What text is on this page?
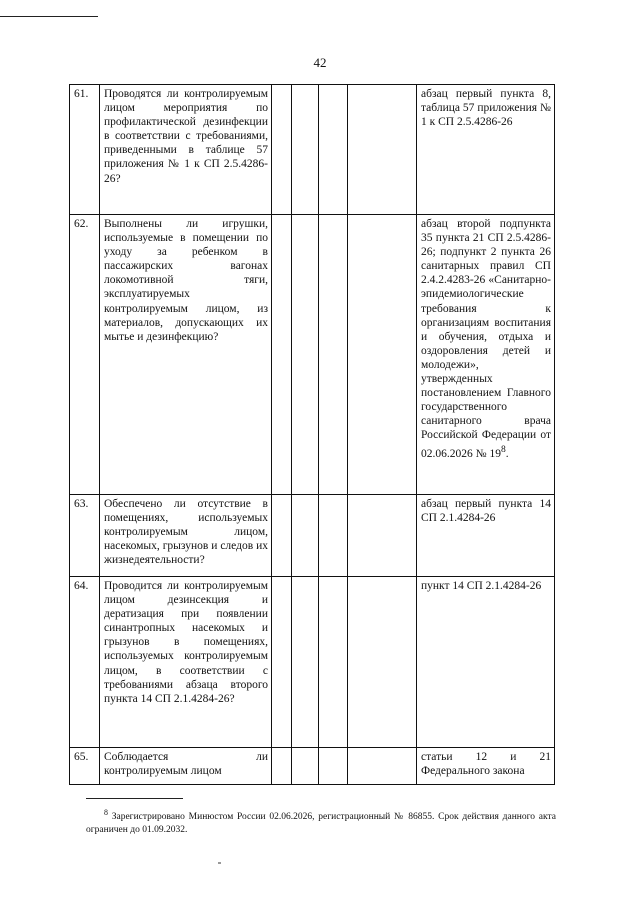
42
61.	Проводятся ли контролируемым лицом мероприятия по профилактической дезинфекции в соответствии с требованиями, приведенными в таблице 57 приложения № 1 к СП 2.5.4286-26?					абзац первый пункта 8, таблица 57 приложения № 1 к СП 2.5.4286-26
62.	Выполнены ли игрушки, используемые в помещении по уходу за ребенком в пассажирских вагонах локомотивной тяги, эксплуатируемых контролируемым лицом, из материалов, допускающих их мытье и дезинфекцию?					абзац второй подпункта 35 пункта 21 СП 2.5.4286-26; подпункт 2 пункта 26 санитарных правил СП 2.4.2.4283-26 «Санитарно-эпидемиологические требования к организациям воспитания и обучения, отдыха и оздоровления детей и молодежи», утвержденных постановлением Главного государственного санитарного врача Российской Федерации от 02.06.2026 № $19^8$.
63.	Обеспечено ли отсутствие в помещениях, используемых контролируемым лицом, насекомых, грызунов и следов их жизнедеятельности?					абзац первый пункта 14 СП 2.1.4284-26
64.	Проводится ли контролируемым лицом дезинсекция и дератизация при появлении синантропных насекомых и грызунов в помещениях, используемых контролируемым лицом, в соответствии с требованиями абзаца второго пункта 14 СП 2.1.4284-26?					пункт 14 СП 2.1.4284-26
65.	Соблюдается ли контролируемым лицом					статьи 12 и 21 Федерального закона
$^8$ Зарегистрировано Минюстом России 02.06.2026, регистрационный № 86855. Срок действия данного акта ограничен до 01.09.2032.
